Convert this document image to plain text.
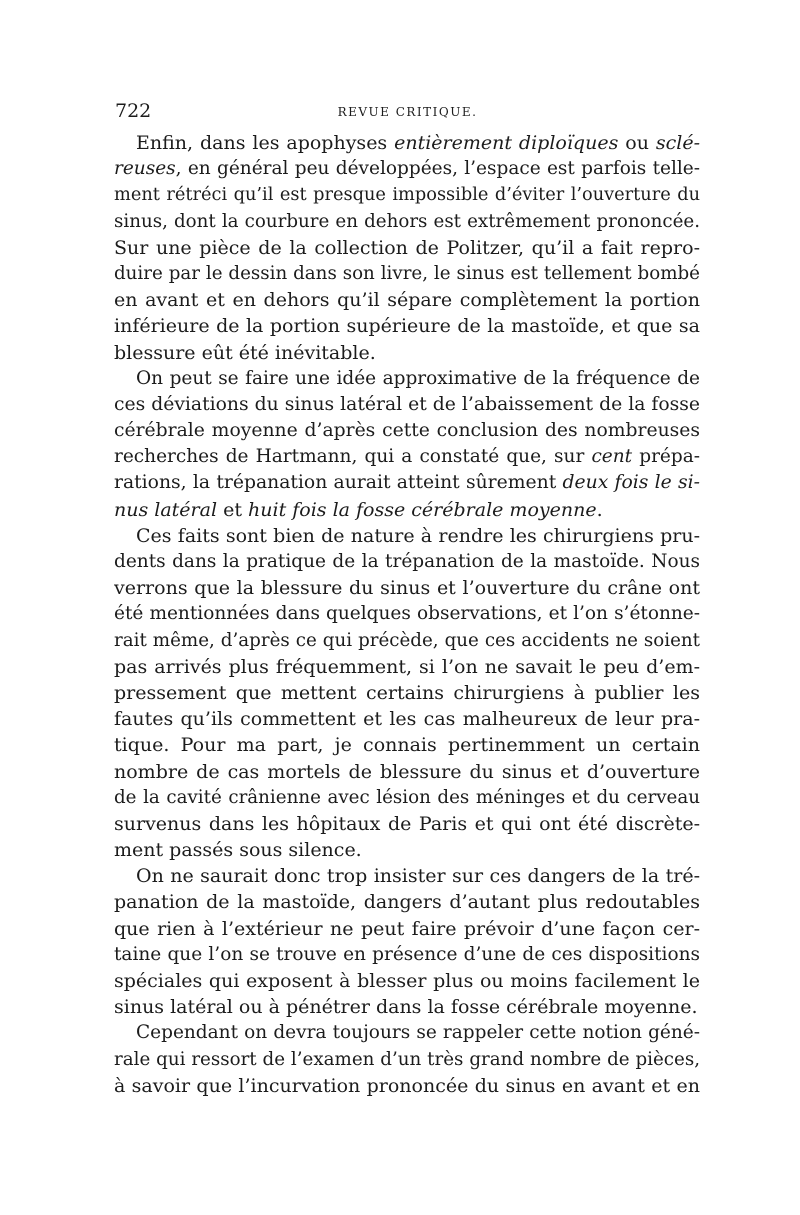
722	REVUE CRITIQUE.
Enfin, dans les apophyses entièrement diploïques ou sclé-
reuses, en général peu développées, l’espace est parfois telle-
ment rétréci qu’il est presque impossible d’éviter l’ouverture du
sinus, dont la courbure en dehors est extrêmement prononcée.
Sur une pièce de la collection de Politzer, qu’il a fait repro-
duire par le dessin dans son livre, le sinus est tellement bombé
en avant et en dehors qu’il sépare complètement la portion
inférieure de la portion supérieure de la mastoïde, et que sa
blessure eût été inévitable.
On peut se faire une idée approximative de la fréquence de
ces déviations du sinus latéral et de l’abaissement de la fosse
cérébrale moyenne d’après cette conclusion des nombreuses
recherches de Hartmann, qui a constaté que, sur cent prépa-
rations, la trépanation aurait atteint sûrement deux fois le si-
nus latéral et huit fois la fosse cérébrale moyenne.
Ces faits sont bien de nature à rendre les chirurgiens pru-
dents dans la pratique de la trépanation de la mastoïde. Nous
verrons que la blessure du sinus et l’ouverture du crâne ont
été mentionnées dans quelques observations, et l’on s’étonne-
rait même, d’après ce qui précède, que ces accidents ne soient
pas arrivés plus fréquemment, si l’on ne savait le peu d’em-
pressement que mettent certains chirurgiens à publier les
fautes qu’ils commettent et les cas malheureux de leur pra-
tique. Pour ma part, je connais pertinemment un certain
nombre de cas mortels de blessure du sinus et d’ouverture
de la cavité crânienne avec lésion des méninges et du cerveau
survenus dans les hôpitaux de Paris et qui ont été discrète-
ment passés sous silence.
On ne saurait donc trop insister sur ces dangers de la tré-
panation de la mastoïde, dangers d’autant plus redoutables
que rien à l’extérieur ne peut faire prévoir d’une façon cer-
taine que l’on se trouve en présence d’une de ces dispositions
spéciales qui exposent à blesser plus ou moins facilement le
sinus latéral ou à pénétrer dans la fosse cérébrale moyenne.
Cependant on devra toujours se rappeler cette notion géné-
rale qui ressort de l’examen d’un très grand nombre de pièces,
à savoir que l’incurvation prononcée du sinus en avant et en
